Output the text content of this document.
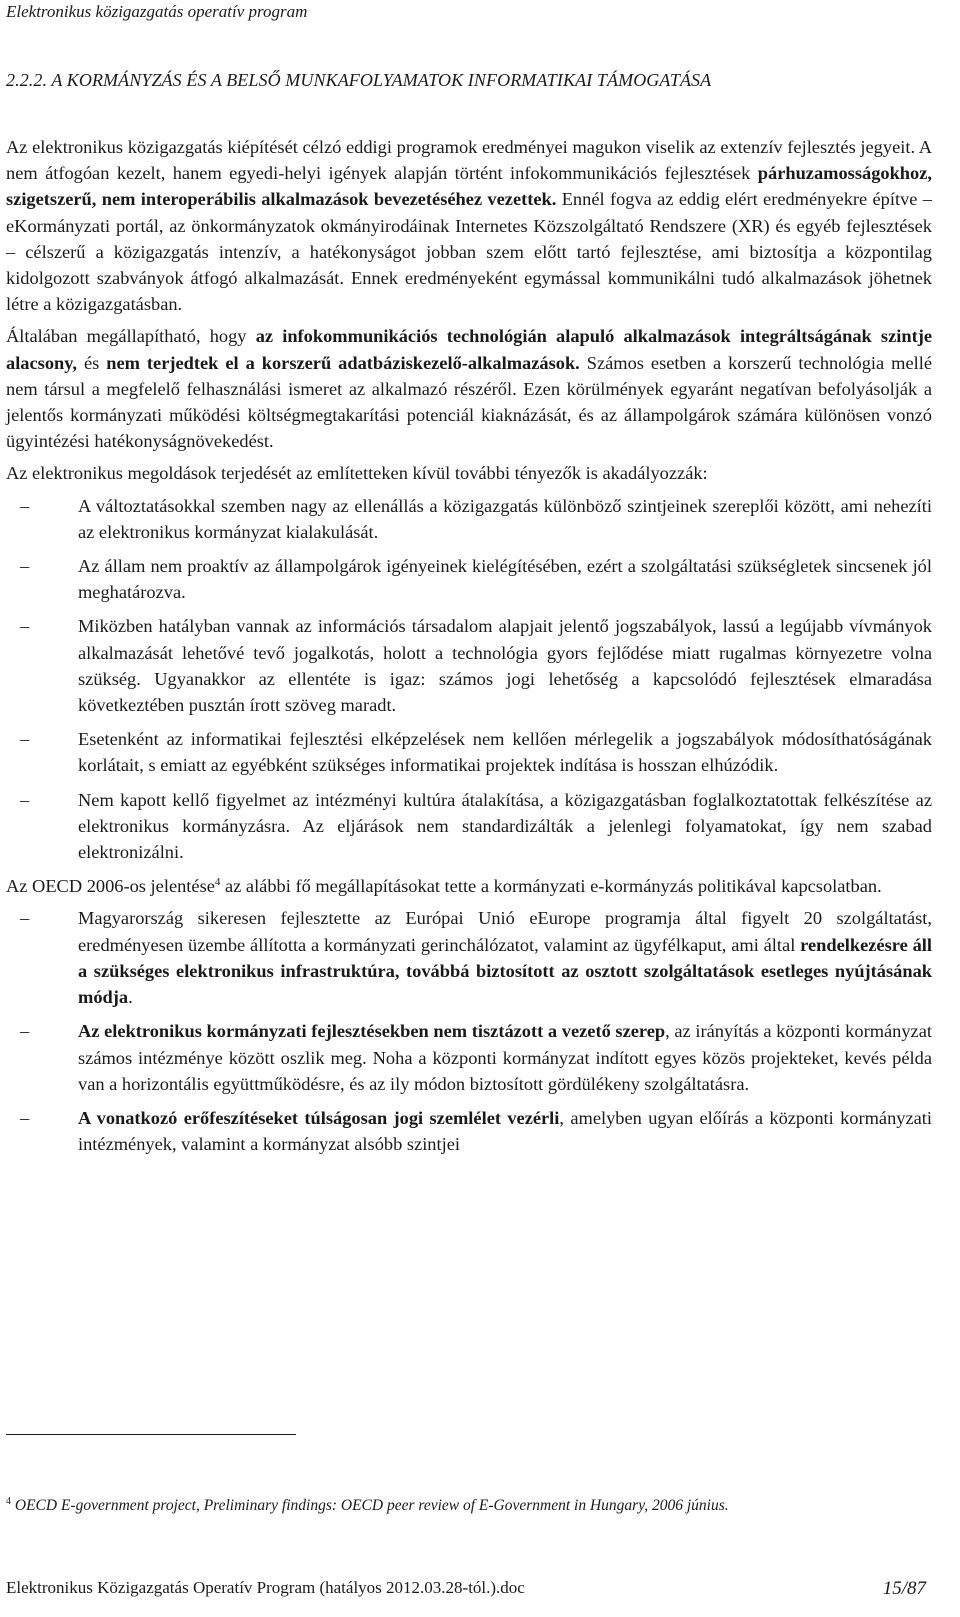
Elektronikus közigazgatás operatív program
2.2.2. A KORMÁNYZÁS ÉS A BELSŐ MUNKAFOLYAMATOK INFORMATIKAI TÁMOGATÁSA

Az elektronikus közigazgatás kiépítését célzó eddigi programok eredményei magukon viselik az extenzív fejlesztés jegyeit. A nem átfogóan kezelt, hanem egyedi-helyi igények alapján történt infokommunikációs fejlesztések párhuzamosságokhoz, szigetszerű, nem interoperábilis alkalmazások bevezetéséhez vezettek. Ennél fogva az eddig elért eredményekre építve – eKormányzati portál, az önkormányzatok okmányirodáinak Internetes Közszolgáltató Rendszere (XR) és egyéb fejlesztések – célszerű a közigazgatás intenzív, a hatékonyságot jobban szem előtt tartó fejlesztése, ami biztosítja a központilag kidolgozott szabványok átfogó alkalmazását. Ennek eredményeként egymással kommunikálni tudó alkalmazások jöhetnek létre a közigazgatásban.

Általában megállapítható, hogy az infokommunikációs technológián alapuló alkalmazások integráltságának szintje alacsony, és nem terjedtek el a korszerű adatbáziskezelő-alkalmazások. Számos esetben a korszerű technológia mellé nem társul a megfelelő felhasználási ismeret az alkalmazó részéről. Ezen körülmények egyaránt negatívan befolyásolják a jelentős kormányzati működési költségmegtakarítási potenciál kiaknázását, és az állampolgárok számára különösen vonzó ügyintézési hatékonyságnövekedést.

Az elektronikus megoldások terjedését az említetteken kívül további tényezők is akadályozzák:

–	A változtatásokkal szemben nagy az ellenállás a közigazgatás különböző szintjeinek szereplői között, ami nehezíti az elektronikus kormányzat kialakulását.
–	Az állam nem proaktív az állampolgárok igényeinek kielégítésében, ezért a szolgáltatási szükségletek sincsenek jól meghatározva.
–	Miközben hatályban vannak az információs társadalom alapjait jelentő jogszabályok, lassú a legújabb vívmányok alkalmazását lehetővé tevő jogalkotás, holott a technológia gyors fejlődése miatt rugalmas környezetre volna szükség. Ugyanakkor az ellentéte is igaz: számos jogi lehetőség a kapcsolódó fejlesztések elmaradása következtében pusztán írott szöveg maradt.
–	Esetenként az informatikai fejlesztési elképzelések nem kellően mérlegelik a jogszabályok módosíthatóságának korlátait, s emiatt az egyébként szükséges informatikai projektek indítása is hosszan elhúzódik.
–	Nem kapott kellő figyelmet az intézményi kultúra átalakítása, a közigazgatásban foglalkoztatottak felkészítése az elektronikus kormányzásra. Az eljárások nem standardizálták a jelenlegi folyamatokat, így nem szabad elektronizálni.

Az OECD 2006-os jelentése$^4$ az alábbi fő megállapításokat tette a kormányzati e-kormányzás politikával kapcsolatban.

–	Magyarország sikeresen fejlesztette az Európai Unió eEurope programja által figyelt 20 szolgáltatást, eredményesen üzembe állította a kormányzati gerinchálózatot, valamint az ügyfélkaput, ami által rendelkezésre áll a szükséges elektronikus infrastruktúra, továbbá biztosított az osztott szolgáltatások esetleges nyújtásának módja.
–	Az elektronikus kormányzati fejlesztésekben nem tisztázott a vezető szerep, az irányítás a központi kormányzat számos intézménye között oszlik meg. Noha a központi kormányzat indított egyes közös projekteket, kevés példa van a horizontális együttműködésre, és az ily módon biztosított gördülékeny szolgáltatásra.
–	A vonatkozó erőfeszítéseket túlságosan jogi szemlélet vezérli, amelyben ugyan előírás a központi kormányzati intézmények, valamint a kormányzat alsóbb szintjei
$^4$ OECD E-government project, Preliminary findings: OECD peer review of E-Government in Hungary, 2006 június.
Elektronikus Közigazgatás Operatív Program (hatályos 2012.03.28-tól.).doc	15/87
